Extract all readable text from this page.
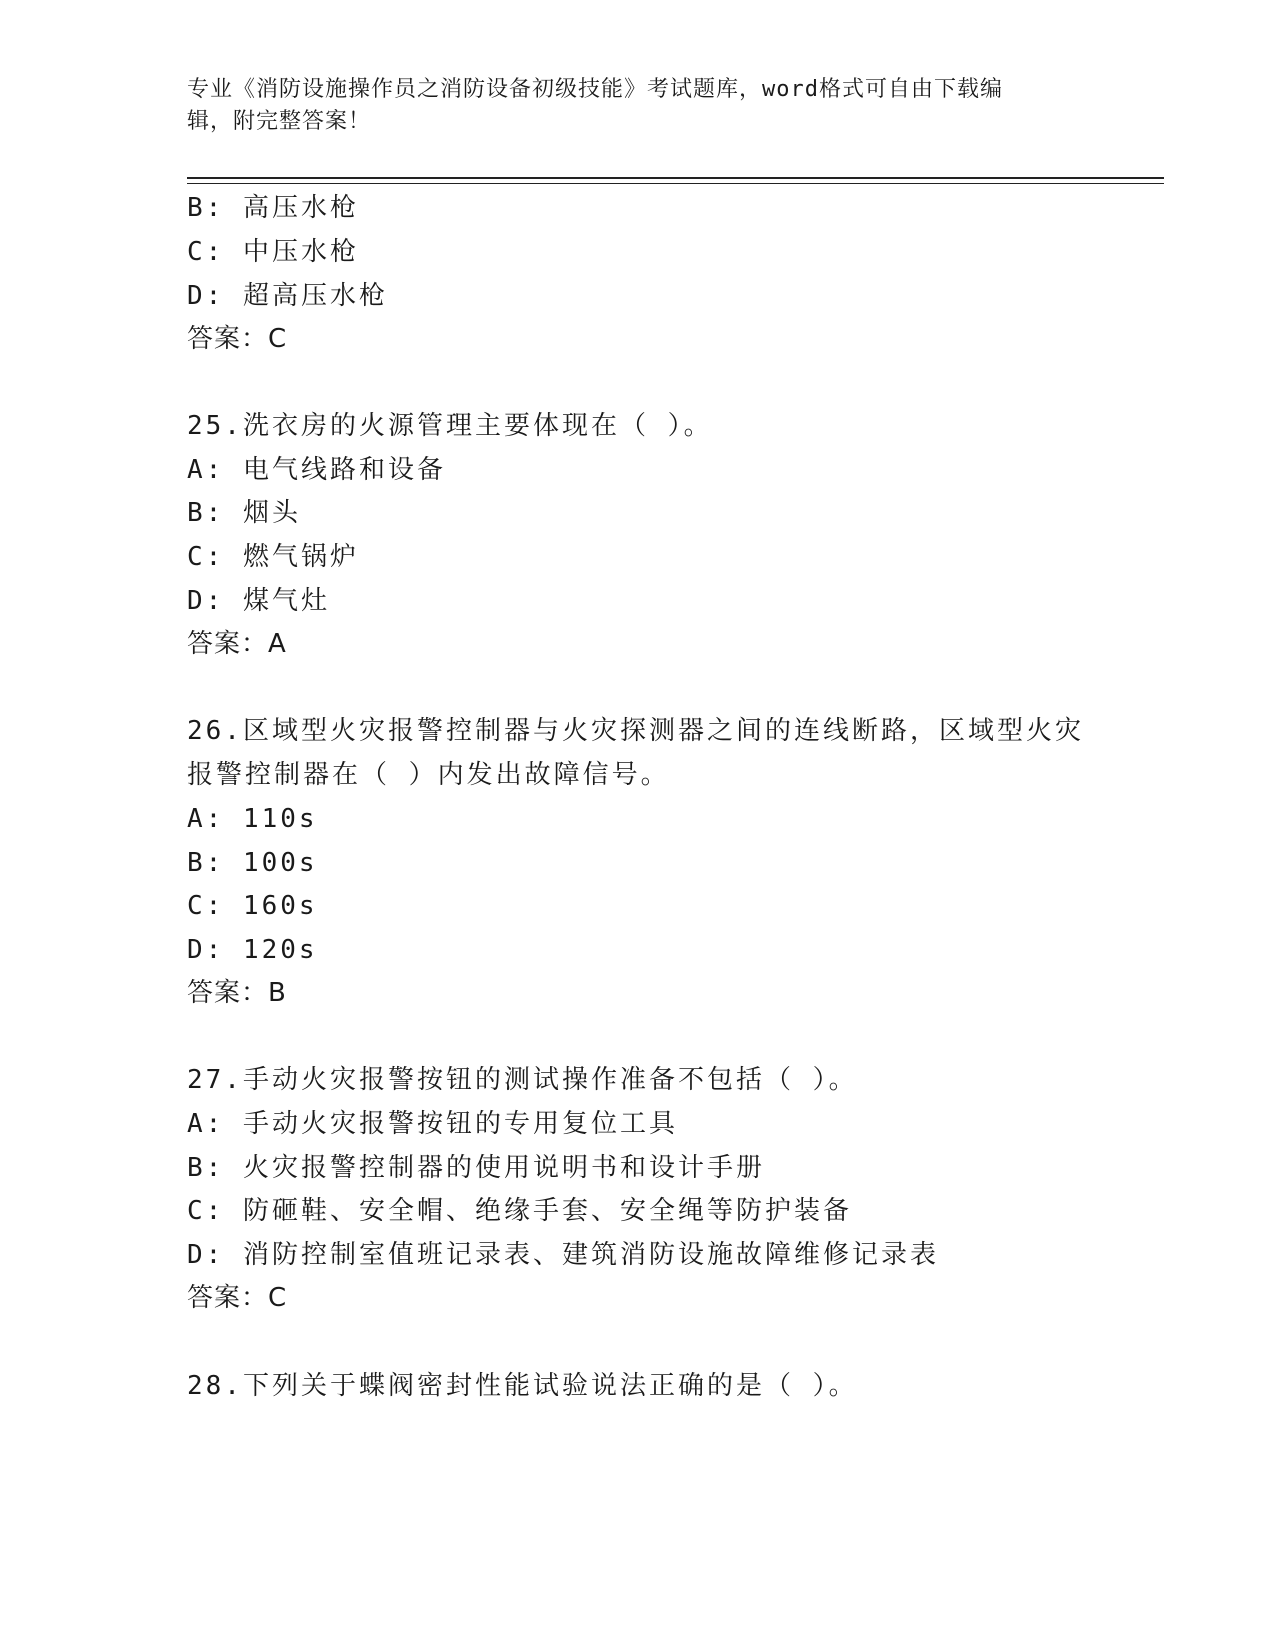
专业《消防设施操作员之消防设备初级技能》考试题库，word格式可自由下载编
辑，附完整答案！
B: 高压水枪
C: 中压水枪
D: 超高压水枪
答案：C
25.洗衣房的火源管理主要体现在（ ）。
A: 电气线路和设备
B: 烟头
C: 燃气锅炉
D: 煤气灶
答案：A
26.区域型火灾报警控制器与火灾探测器之间的连线断路，区域型火灾
报警控制器在（ ）内发出故障信号。
A: 110s
B: 100s
C: 160s
D: 120s
答案：B
27.手动火灾报警按钮的测试操作准备不包括（ ）。
A: 手动火灾报警按钮的专用复位工具
B: 火灾报警控制器的使用说明书和设计手册
C: 防砸鞋、安全帽、绝缘手套、安全绳等防护装备
D: 消防控制室值班记录表、建筑消防设施故障维修记录表
答案：C
28.下列关于蝶阀密封性能试验说法正确的是（ ）。
